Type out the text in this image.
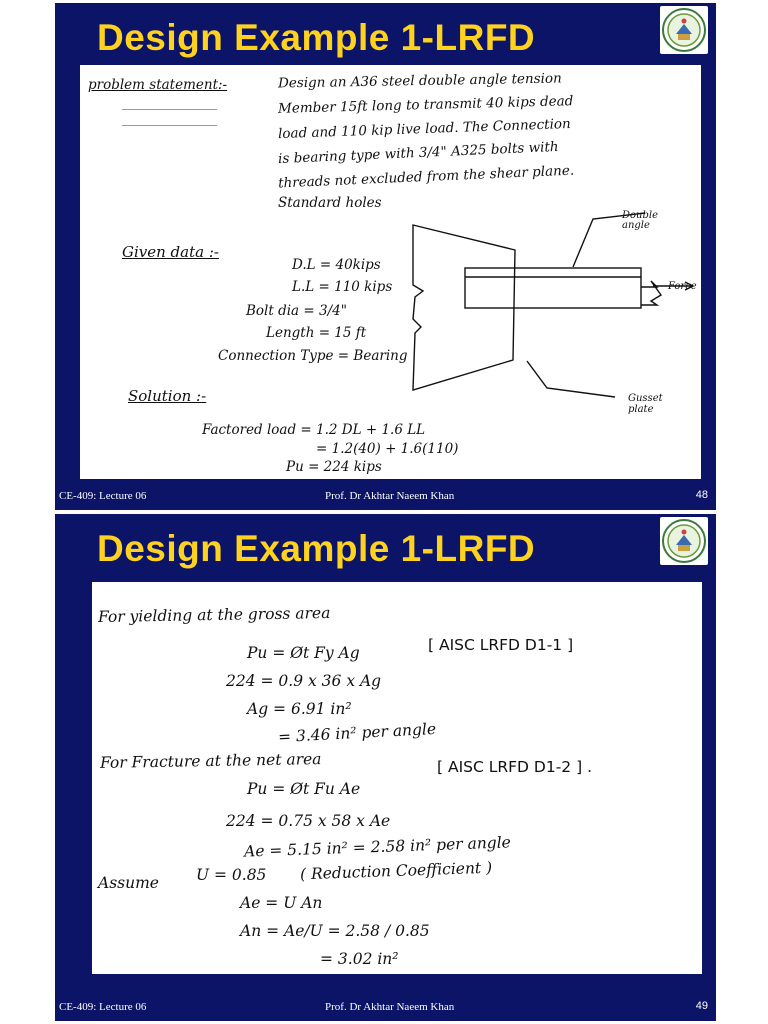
Design Example 1-LRFD
problem statement:-	Design an A36 steel double angle tension
Member 15ft long to transmit 40 kips dead
load and 110 kip live load. The Connection
is bearing type with 3/4" A325 bolts with
threads not excluded from the shear plane.
Standard holes
Given data :-
D.L = 40kips
L.L = 110 kips
Bolt dia = 3/4"
Length = 15 ft
Connection Type = Bearing
Double angle
Force
Gusset plate
Solution :-
Factored load = 1.2 DL + 1.6 LL
= 1.2(40) + 1.6(110)
Pu = 224 kips
CE-409: Lecture 06	Prof. Dr Akhtar Naeem Khan	48
Design Example 1-LRFD
For yielding at the gross area
Pu = Øt Fy Ag	[ AISC LRFD D1-1 ]
224 = 0.9 x 36 x Ag
Ag = 6.91 in²
= 3.46 in² per angle
For Fracture at the net area	[ AISC LRFD D1-2 ] .
Pu = Øt Fu Ae
224 = 0.75 x 58 x Ae
Ae = 5.15 in² = 2.58 in² per angle
Assume U = 0.85 ( Reduction Coefficient )
Ae = U An
An = Ae/U = 2.58 / 0.85
= 3.02 in²
CE-409: Lecture 06	Prof. Dr Akhtar Naeem Khan	49
